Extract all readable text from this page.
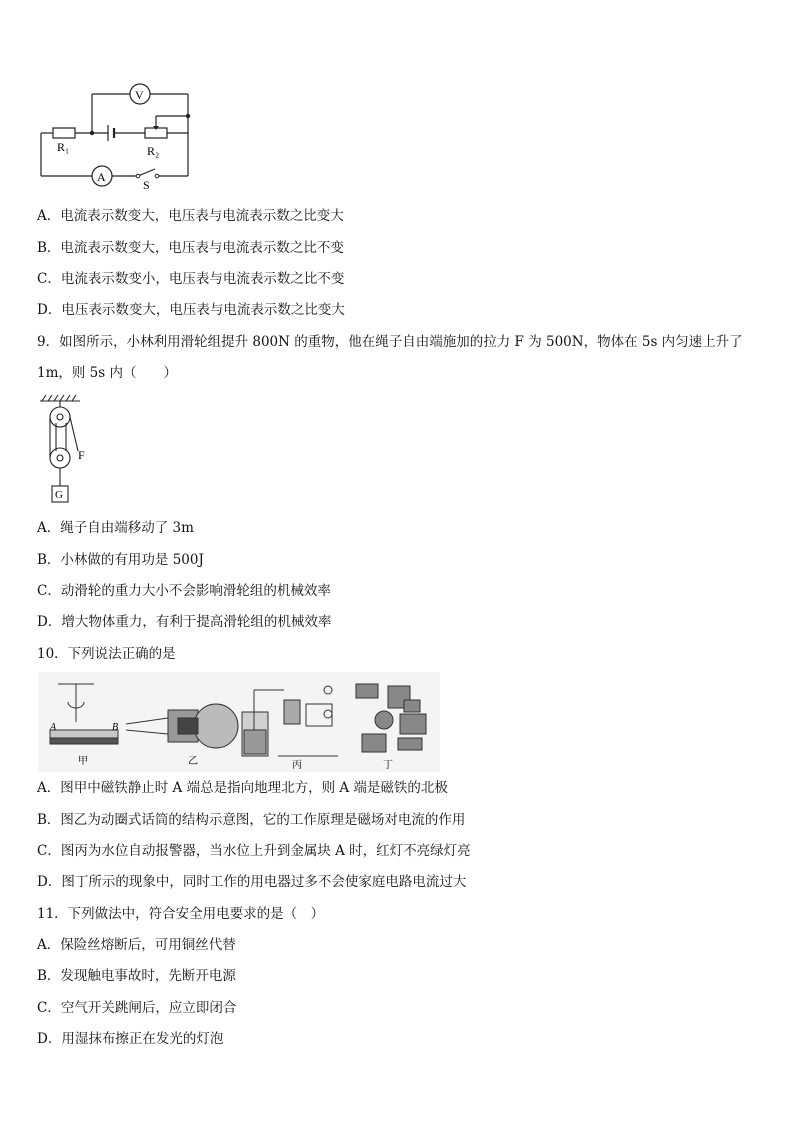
V
A
R₁	R₂
S
A．电流表示数变大，电压表与电流表示数之比变大
B．电流表示数变大，电压表与电流表示数之比不变
C．电流表示数变小，电压表与电流表示数之比不变
D．电压表示数变大，电压表与电流表示数之比变大
9．如图所示，小林利用滑轮组提升 800N 的重物，他在绳子自由端施加的拉力 F 为 500N，物体在 5s 内匀速上升了
1m，则 5s 内（　　）
F
G
A．绳子自由端移动了 3m
B．小林做的有用功是 500J
C．动滑轮的重力大小不会影响滑轮组的机械效率
D．增大物体重力，有利于提高滑轮组的机械效率
10．下列说法正确的是
A	B
甲	乙	丙	丁
A．图甲中磁铁静止时 A 端总是指向地理北方，则 A 端是磁铁的北极
B．图乙为动圈式话筒的结构示意图，它的工作原理是磁场对电流的作用
C．图丙为水位自动报警器，当水位上升到金属块 A 时，红灯不亮绿灯亮
D．图丁所示的现象中，同时工作的用电器过多不会使家庭电路电流过大
11．下列做法中，符合安全用电要求的是（　）
A．保险丝熔断后，可用铜丝代替
B．发现触电事故时，先断开电源
C．空气开关跳闸后，应立即闭合
D．用湿抹布擦正在发光的灯泡
